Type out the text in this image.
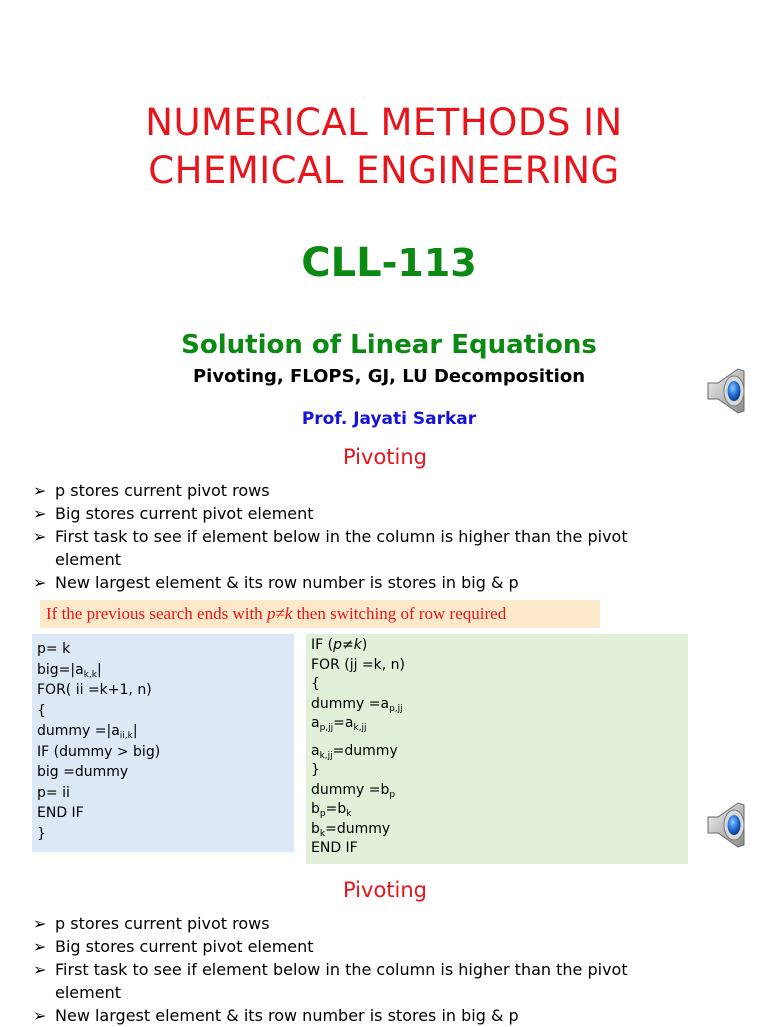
NUMERICAL METHODS IN
CHEMICAL ENGINEERING
CLL-113
Solution of Linear Equations
Pivoting, FLOPS, GJ, LU Decomposition
Prof. Jayati Sarkar
Pivoting
➢ p stores current pivot rows
➢ Big stores current pivot element
➢ First task to see if element below in the column is higher than the pivot
element
➢ New largest element & its row number is stores in big & p
If the previous search ends with p≠k then switching of row required
p= k
$big=|a_{k,k}|$
FOR( ii =k+1, n)
{
dummy $=|a_{ii,k}|$
IF (dummy > big)
big =dummy
p= ii
END IF
}
IF (p≠k)
FOR (jj =k, n)
{
dummy $=a_{p,jj}$
$a_{p,jj}=a_{k,jj}$
$a_{k,jj}=dummy$
}
dummy $=b_p$
$b_p=b_k$
$b_k=dummy$
END IF
Pivoting
➢ p stores current pivot rows
➢ Big stores current pivot element
➢ First task to see if element below in the column is higher than the pivot
element
➢ New largest element & its row number is stores in big & p
